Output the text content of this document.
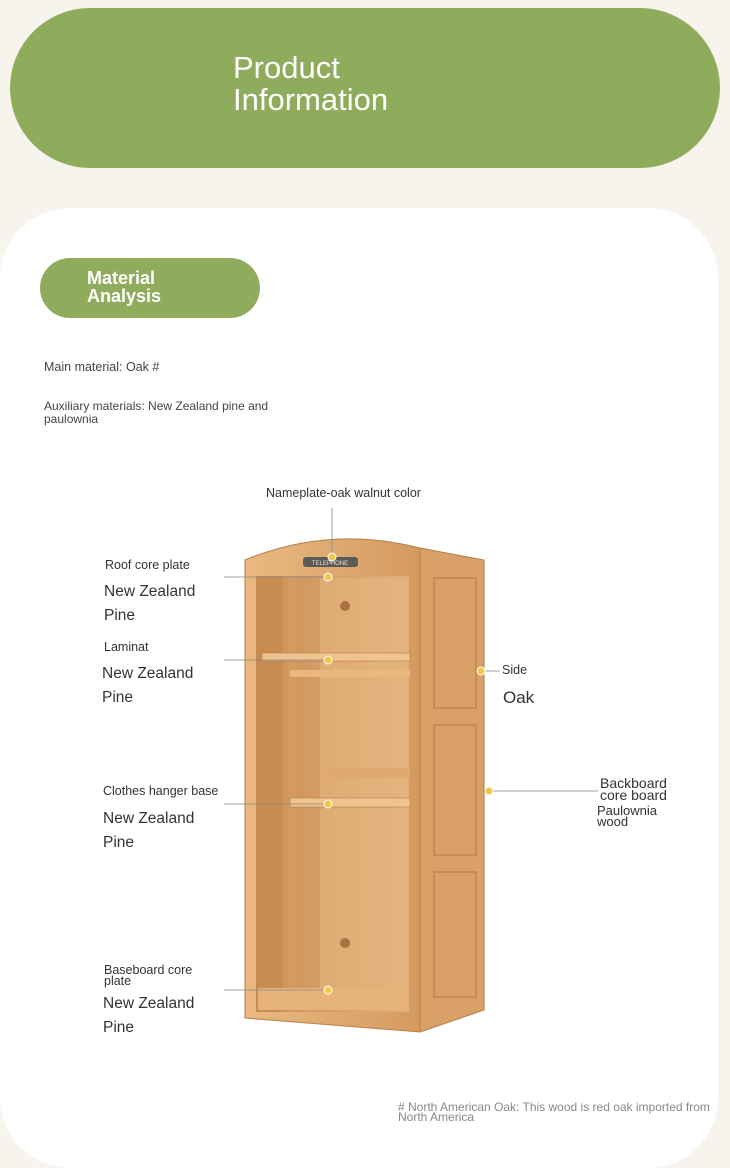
Product
Information
Material
Analysis
Main material: Oak #
Auxiliary materials: New Zealand pine and
paulownia
TELEPHONE
Nameplate-oak walnut color
Roof core plate
New Zealand
Pine
Laminat
New Zealand
Pine
Clothes hanger base
New Zealand
Pine
Baseboard core
plate
New Zealand
Pine
Side
Oak
Backboard
core board
Paulownia
wood
# North American Oak: This wood is red oak imported from
North America
